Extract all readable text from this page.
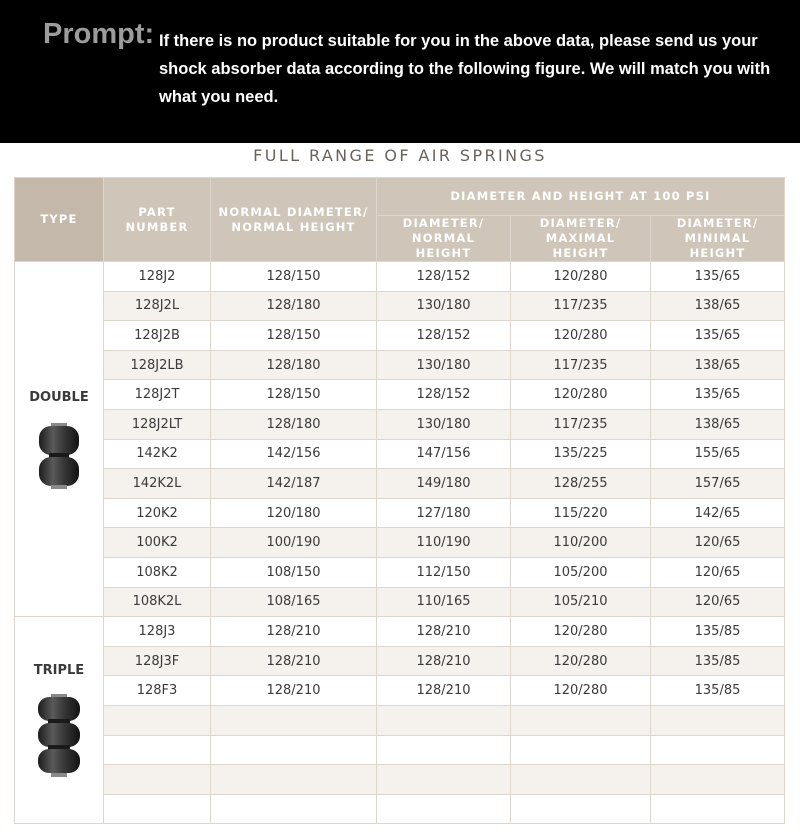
Prompt: If there is no product suitable for you in the above data, please send us your shock absorber data according to the following figure. We will match you with what you need.
FULL RANGE OF AIR SPRINGS
TYPE	PART NUMBER	NORMAL DIAMETER/ NORMAL HEIGHT	DIAMETER AND HEIGHT AT 100 PSI		

			DIAMETER/ NORMAL HEIGHT	DIAMETER/ MAXIMAL HEIGHT	DIAMETER/ MINIMAL HEIGHT

DOUBLE	128J2	128/150	128/152	120/280	135/65
	128J2L	128/180	130/180	117/235	138/65
	128J2B	128/150	128/152	120/280	135/65
	128J2LB	128/180	130/180	117/235	138/65
	128J2T	128/150	128/152	120/280	135/65
	128J2LT	128/180	130/180	117/235	138/65
	142K2	142/156	147/156	135/225	155/65
	142K2L	142/187	149/180	128/255	157/65
	120K2	120/180	127/180	115/220	142/65
	100K2	100/190	110/190	110/200	120/65
	108K2	108/150	112/150	105/200	120/65
	108K2L	108/165	110/165	105/210	120/65

TRIPLE	128J3	128/210	128/210	120/280	135/85
	128J3F	128/210	128/210	120/280	135/85
	128F3	128/210	128/210	120/280	135/85
